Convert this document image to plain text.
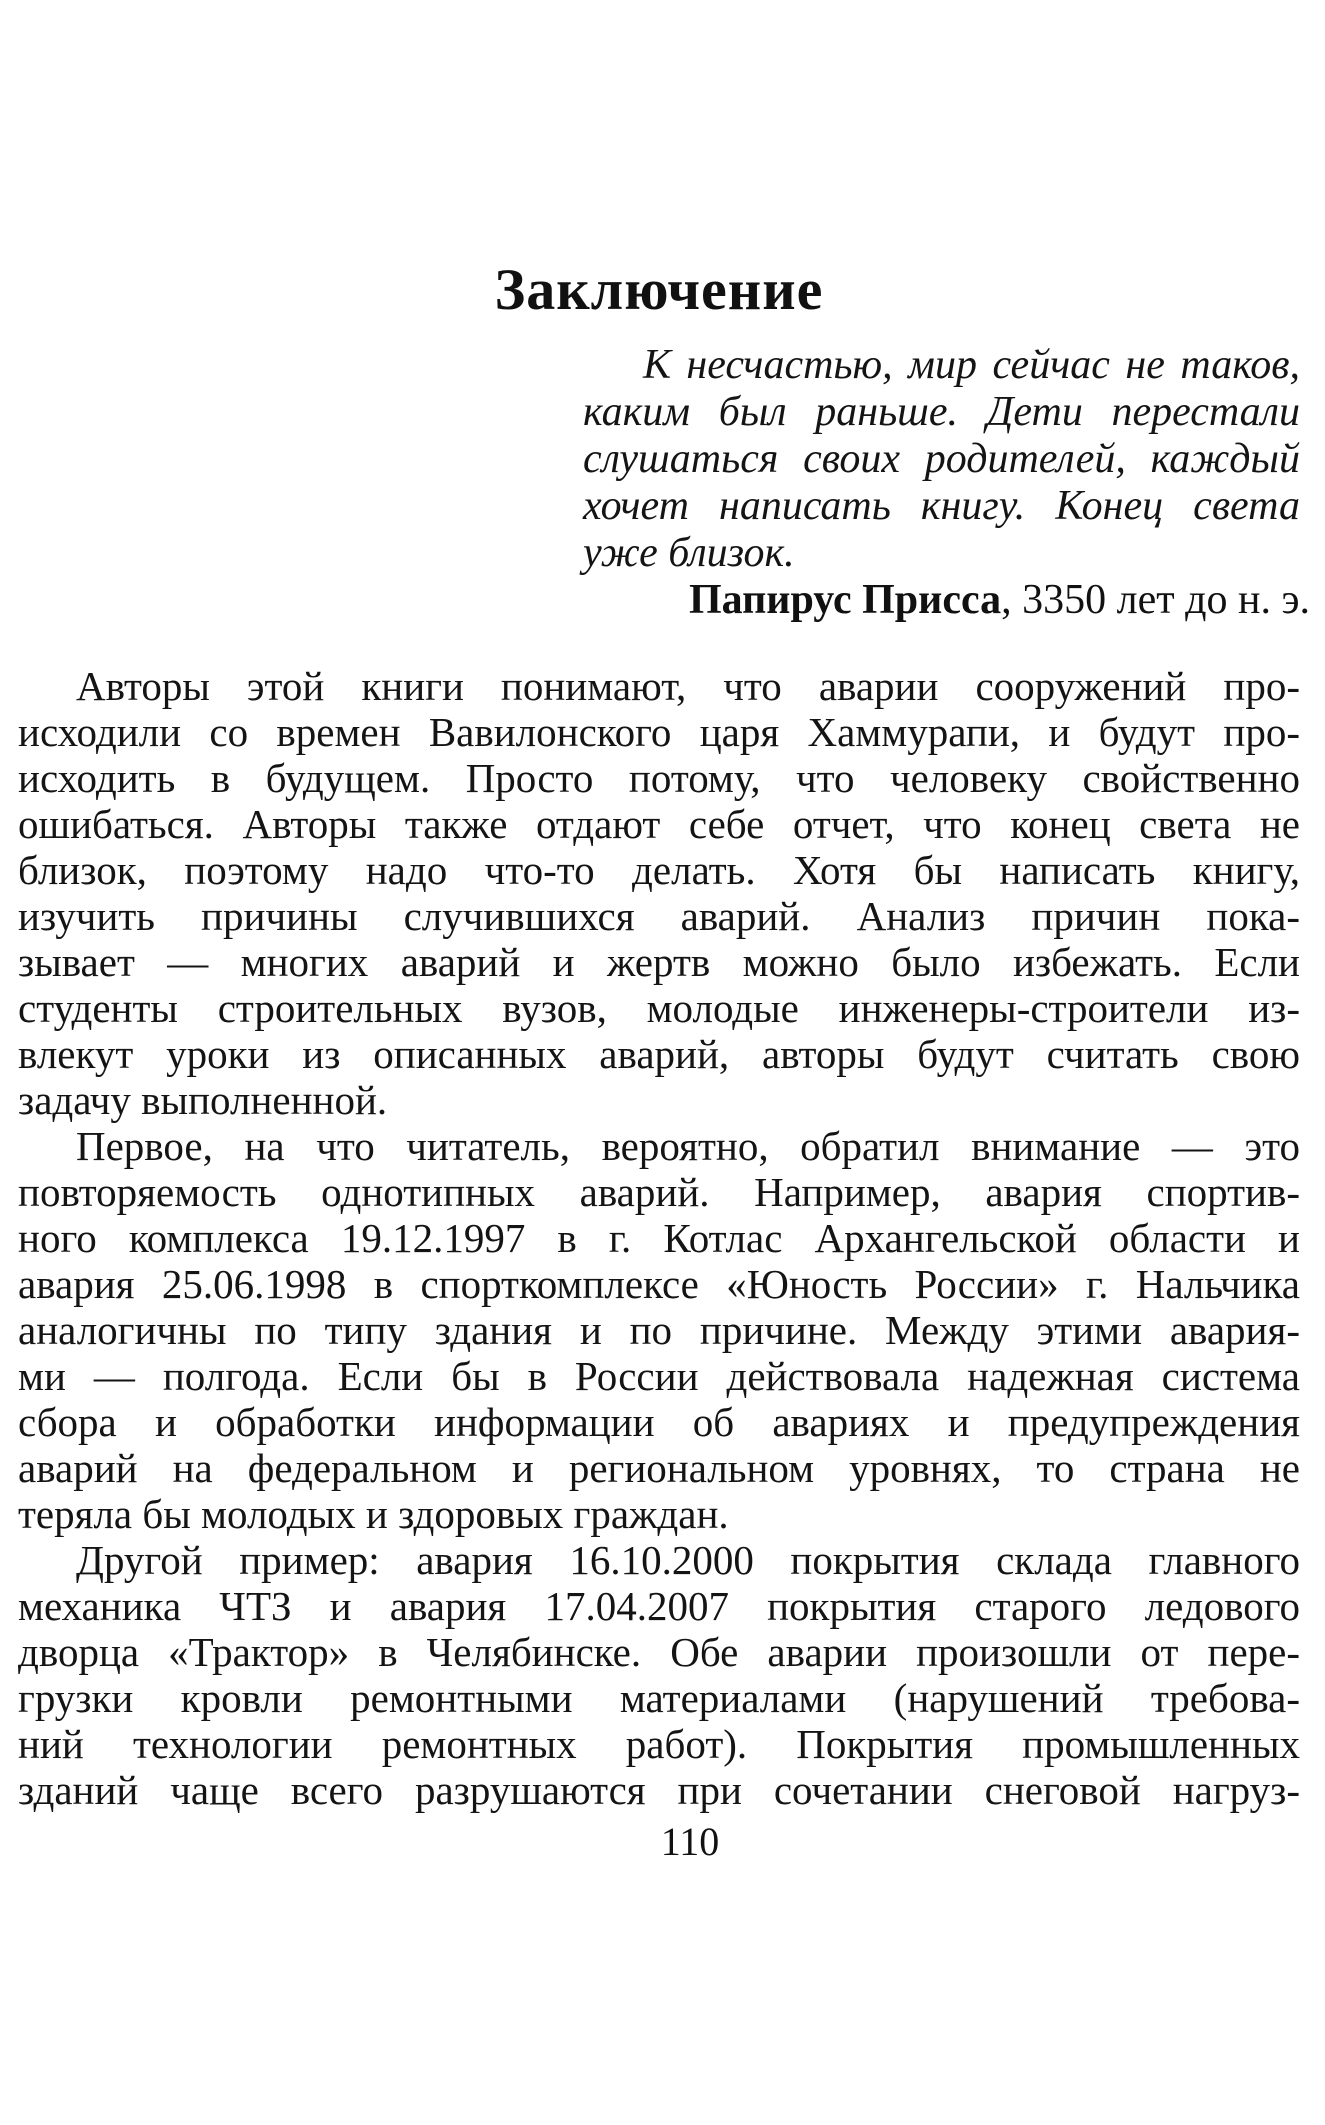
Заключение
К несчастью, мир сейчас не таков,
каким был раньше. Дети перестали
слушаться своих родителей, каждый
хочет написать книгу. Конец света
уже близок.
Папирус Присса, 3350 лет до н. э.
Авторы этой книги понимают, что аварии сооружений про-
исходили со времен Вавилонского царя Хаммурапи, и будут про-
исходить в будущем. Просто потому, что человеку свойственно
ошибаться. Авторы также отдают себе отчет, что конец света не
близок, поэтому надо что-то делать. Хотя бы написать книгу,
изучить причины случившихся аварий. Анализ причин пока-
зывает — многих аварий и жертв можно было избежать. Если
студенты строительных вузов, молодые инженеры-строители из-
влекут уроки из описанных аварий, авторы будут считать свою
задачу выполненной.
Первое, на что читатель, вероятно, обратил внимание — это
повторяемость однотипных аварий. Например, авария спортив-
ного комплекса 19.12.1997 в г. Котлас Архангельской области и
авария 25.06.1998 в спорткомплексе «Юность России» г. Нальчика
аналогичны по типу здания и по причине. Между этими авария-
ми — полгода. Если бы в России действовала надежная система
сбора и обработки информации об авариях и предупреждения
аварий на федеральном и региональном уровнях, то страна не
теряла бы молодых и здоровых граждан.
Другой пример: авария 16.10.2000 покрытия склада главного
механика ЧТЗ и авария 17.04.2007 покрытия старого ледового
дворца «Трактор» в Челябинске. Обе аварии произошли от пере-
грузки кровли ремонтными материалами (нарушений требова-
ний технологии ремонтных работ). Покрытия промышленных
зданий чаще всего разрушаются при сочетании снеговой нагруз-
110
